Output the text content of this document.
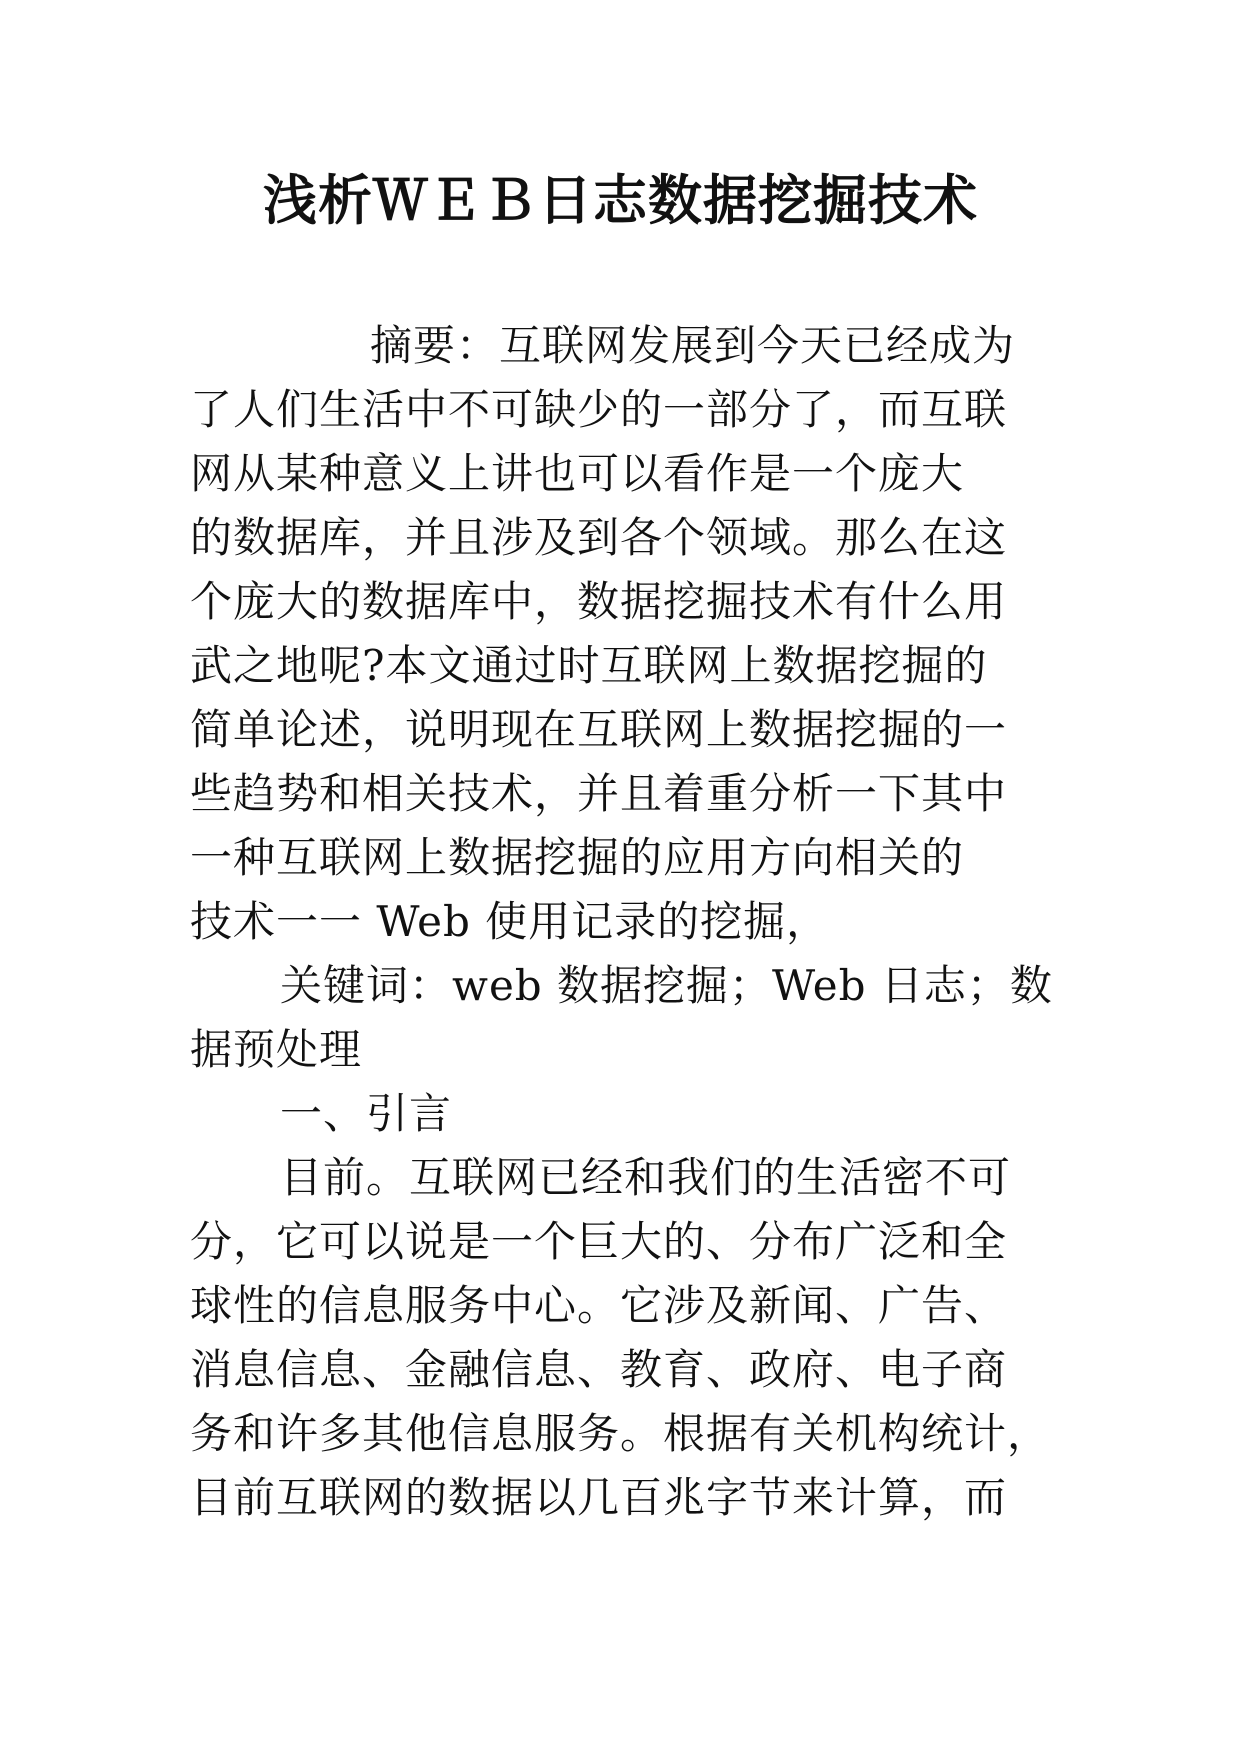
浅析ＷＥＢ日志数据挖掘技术
摘要：互联网发展到今天已经成为
了人们生活中不可缺少的一部分了，而互联
网从某种意义上讲也可以看作是一个庞大
的数据库，并且涉及到各个领域。那么在这
个庞大的数据库中，数据挖掘技术有什么用
武之地呢?本文通过时互联网上数据挖掘的
简单论述，说明现在互联网上数据挖掘的一
些趋势和相关技术，并且着重分析一下其中
一种互联网上数据挖掘的应用方向相关的
技术一一 Web 使用记录的挖掘，
关键词：web 数据挖掘；Web 日志；数
据预处理
一、引言
目前。互联网已经和我们的生活密不可
分，它可以说是一个巨大的、分布广泛和全
球性的信息服务中心。它涉及新闻、广告、
消息信息、金融信息、教育、政府、电子商
务和许多其他信息服务。根据有关机构统计，
目前互联网的数据以几百兆字节来计算，而
